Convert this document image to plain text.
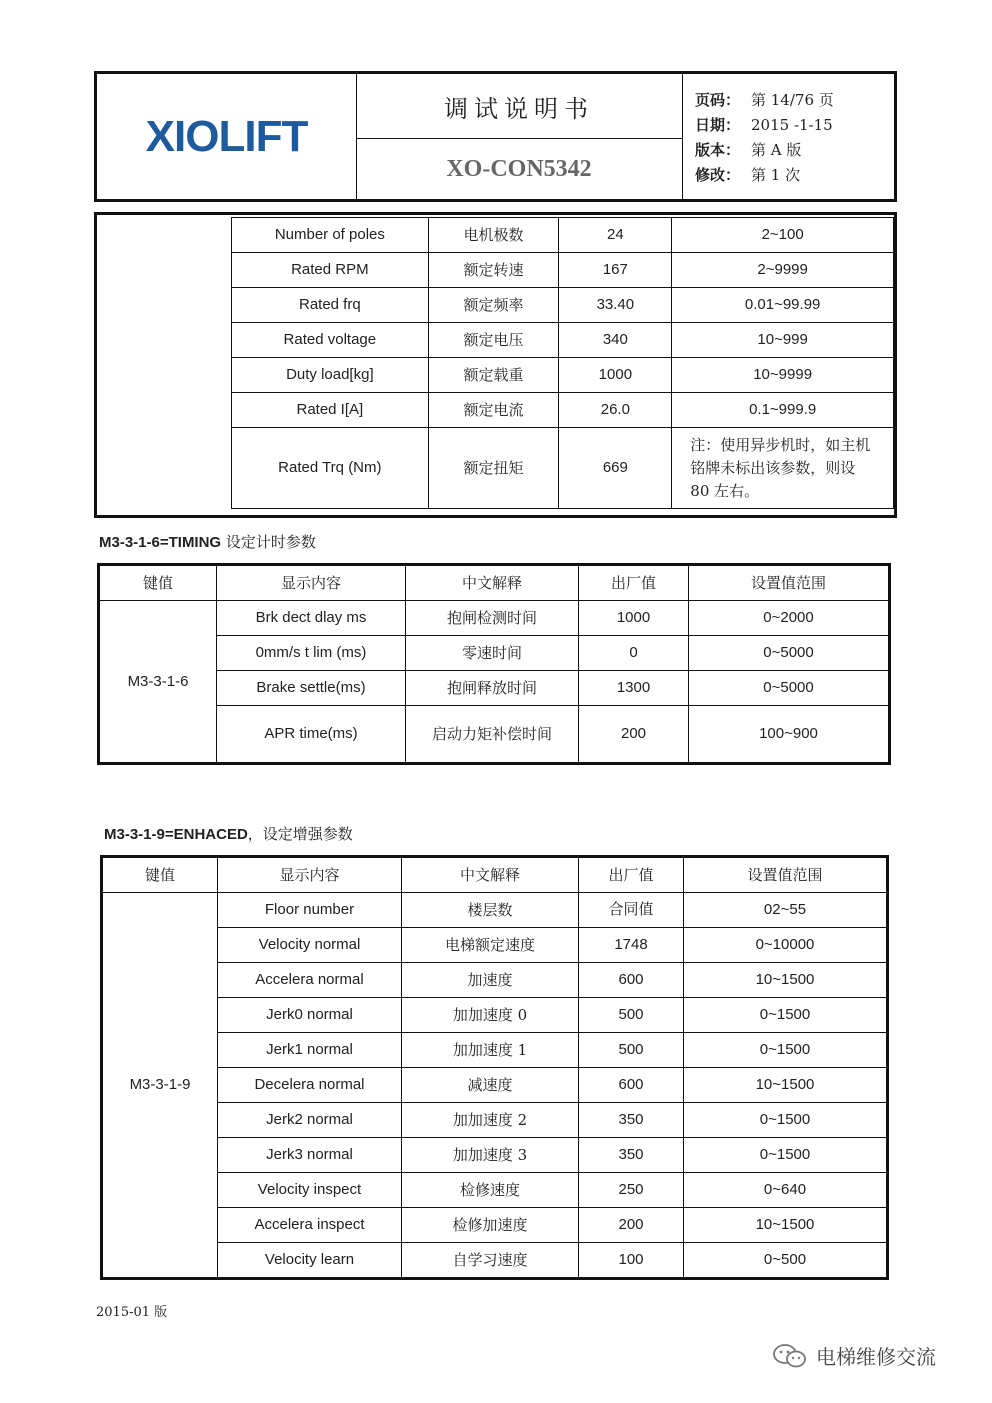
XIOLIFT
调试说明书
XO-CON5342
页码： 第 14/76 页
日期： 2015 -1-15
版本： 第 A 版
修改： 第 1 次
Number of poles	电机极数	24	2~100
Rated RPM	额定转速	167	2~9999
Rated frq	额定频率	33.40	0.01~99.99
Rated voltage	额定电压	340	10~999
Duty load[kg]	额定载重	1000	10~9999
Rated I[A]	额定电流	26.0	0.1~999.9
Rated Trq (Nm)	额定扭矩	669	注：使用异步机时，如主机铭牌未标出该参数，则设 80 左右。
M3-3-1-6=TIMING 设定计时参数
键值	显示内容	中文解释	出厂值	设置值范围
M3-3-1-6	Brk dect dlay ms	抱闸检测时间	1000	0~2000
	0mm/s t lim (ms)	零速时间	0	0~5000
	Brake settle(ms)	抱闸释放时间	1300	0~5000
	APR time(ms)	启动力矩补偿时间	200	100~900
M3-3-1-9=ENHACED，设定增强参数
键值	显示内容	中文解释	出厂值	设置值范围
M3-3-1-9	Floor number	楼层数	合同值	02~55
	Velocity normal	电梯额定速度	1748	0~10000
	Accelera normal	加速度	600	10~1500
	Jerk0 normal	加加速度 0	500	0~1500
	Jerk1 normal	加加速度 1	500	0~1500
	Decelera normal	减速度	600	10~1500
	Jerk2 normal	加加速度 2	350	0~1500
	Jerk3 normal	加加速度 3	350	0~1500
	Velocity inspect	检修速度	250	0~640
	Accelera inspect	检修加速度	200	10~1500
	Velocity learn	自学习速度	100	0~500
2015-01 版
电梯维修交流
